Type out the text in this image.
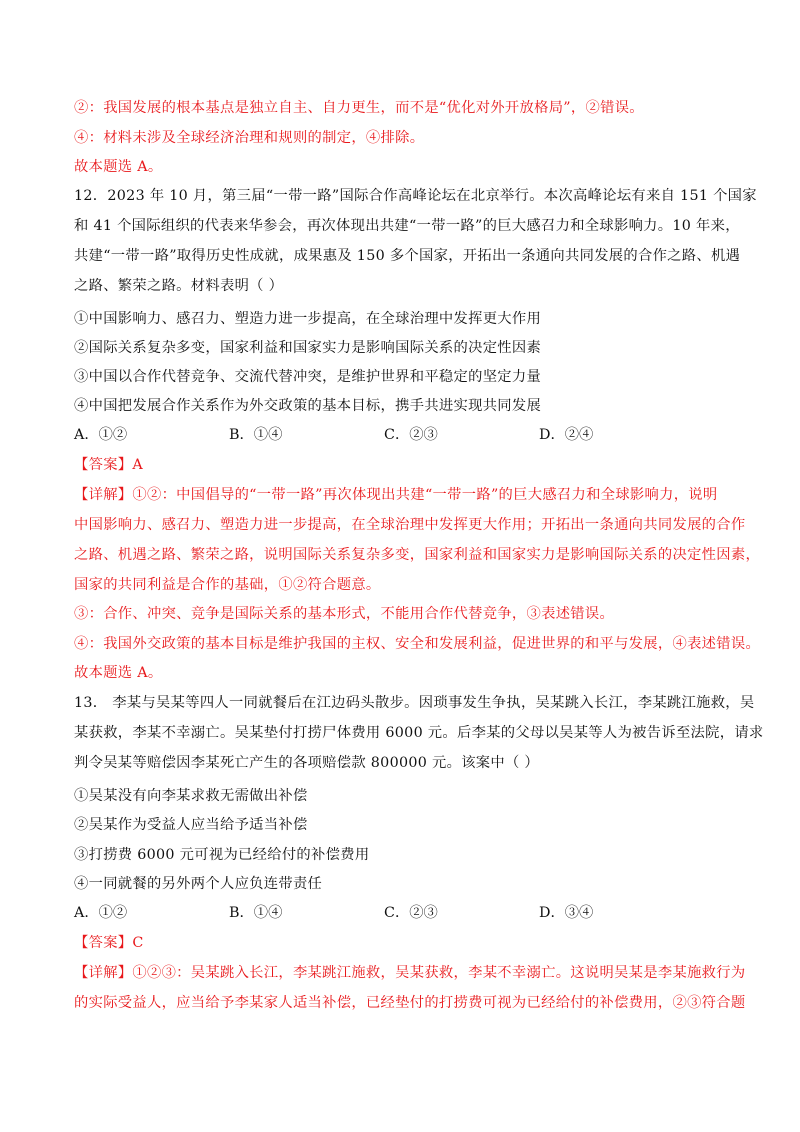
②：我国发展的根本基点是独立自主、自力更生，而不是“优化对外开放格局”，②错误。
④：材料未涉及全球经济治理和规则的制定，④排除。
故本题选 A。
12．2023 年 10 月，第三届“一带一路”国际合作高峰论坛在北京举行。本次高峰论坛有来自 151 个国家
和 41 个国际组织的代表来华参会，再次体现出共建“一带一路”的巨大感召力和全球影响力。10 年来，
共建“一带一路”取得历史性成就，成果惠及 150 多个国家，开拓出一条通向共同发展的合作之路、机遇
之路、繁荣之路。材料表明（ ）
①中国影响力、感召力、塑造力进一步提高，在全球治理中发挥更大作用
②国际关系复杂多变，国家利益和国家实力是影响国际关系的决定性因素
③中国以合作代替竞争、交流代替冲突，是维护世界和平稳定的坚定力量
④中国把发展合作关系作为外交政策的基本目标，携手共进实现共同发展
A．①②	B．①④	C．②③	D．②④
【答案】A
【详解】①②：中国倡导的“一带一路”再次体现出共建“一带一路”的巨大感召力和全球影响力，说明
中国影响力、感召力、塑造力进一步提高，在全球治理中发挥更大作用；开拓出一条通向共同发展的合作
之路、机遇之路、繁荣之路，说明国际关系复杂多变，国家利益和国家实力是影响国际关系的决定性因素，
国家的共同利益是合作的基础，①②符合题意。
③：合作、冲突、竞争是国际关系的基本形式，不能用合作代替竞争，③表述错误。
④：我国外交政策的基本目标是维护我国的主权、安全和发展利益，促进世界的和平与发展，④表述错误。
故本题选 A。
13． 李某与吴某等四人一同就餐后在江边码头散步。因琐事发生争执，吴某跳入长江，李某跳江施救，吴
某获救，李某不幸溺亡。吴某垫付打捞尸体费用 6000 元。后李某的父母以吴某等人为被告诉至法院，请求
判令吴某等赔偿因李某死亡产生的各项赔偿款 800000 元。该案中（ ）
①吴某没有向李某求救无需做出补偿
②吴某作为受益人应当给予适当补偿
③打捞费 6000 元可视为已经给付的补偿费用
④一同就餐的另外两个人应负连带责任
A．①②	B．①④	C．②③	D．③④
【答案】C
【详解】①②③：吴某跳入长江，李某跳江施救，吴某获救，李某不幸溺亡。这说明吴某是李某施救行为
的实际受益人，应当给予李某家人适当补偿，已经垫付的打捞费可视为已经给付的补偿费用，②③符合题
